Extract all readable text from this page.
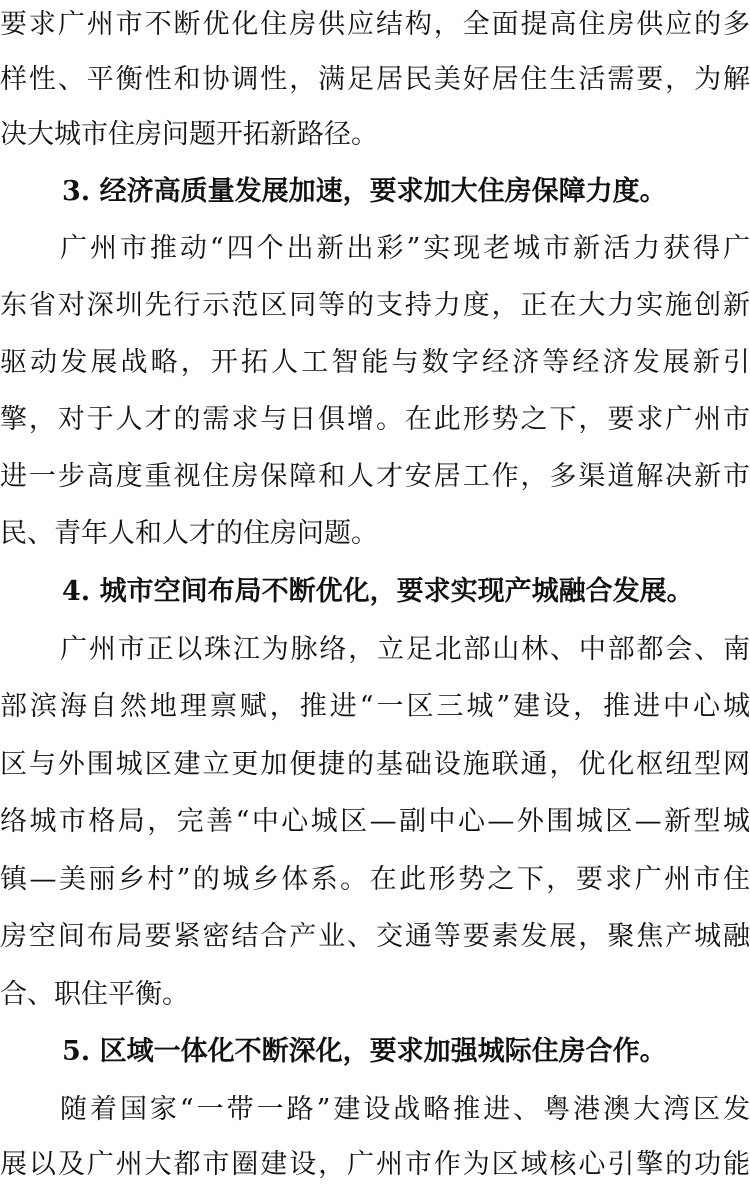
要求广州市不断优化住房供应结构，全面提高住房供应的多
样性、平衡性和协调性，满足居民美好居住生活需要，为解
决大城市住房问题开拓新路径。
3. 经济高质量发展加速，要求加大住房保障力度。
广州市推动“四个出新出彩”实现老城市新活力获得广
东省对深圳先行示范区同等的支持力度，正在大力实施创新
驱动发展战略，开拓人工智能与数字经济等经济发展新引
擎，对于人才的需求与日俱增。在此形势之下，要求广州市
进一步高度重视住房保障和人才安居工作，多渠道解决新市
民、青年人和人才的住房问题。
4. 城市空间布局不断优化，要求实现产城融合发展。
广州市正以珠江为脉络，立足北部山林、中部都会、南
部滨海自然地理禀赋，推进“一区三城”建设，推进中心城
区与外围城区建立更加便捷的基础设施联通，优化枢纽型网
络城市格局，完善“中心城区—副中心—外围城区—新型城
镇—美丽乡村”的城乡体系。在此形势之下，要求广州市住
房空间布局要紧密结合产业、交通等要素发展，聚焦产城融
合、职住平衡。
5. 区域一体化不断深化，要求加强城际住房合作。
随着国家“一带一路”建设战略推进、粤港澳大湾区发
展以及广州大都市圈建设，广州市作为区域核心引擎的功能
